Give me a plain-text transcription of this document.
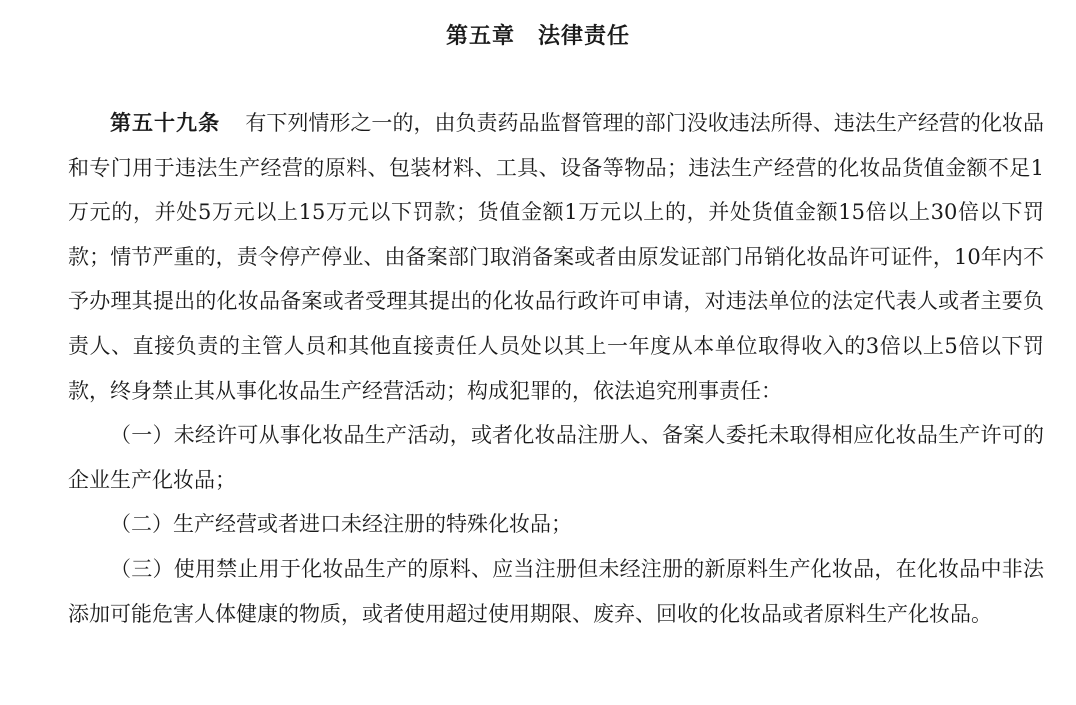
第五章　法律责任

第五十九条 有下列情形之一的，由负责药品监督管理的部门没收违法所得、违法生产经营的化妆品和专门用于违法生产经营的原料、包装材料、工具、设备等物品；违法生产经营的化妆品货值金额不足1万元的，并处5万元以上15万元以下罚款；货值金额1万元以上的，并处货值金额15倍以上30倍以下罚款；情节严重的，责令停产停业、由备案部门取消备案或者由原发证部门吊销化妆品许可证件，10年内不予办理其提出的化妆品备案或者受理其提出的化妆品行政许可申请，对违法单位的法定代表人或者主要负责人、直接负责的主管人员和其他直接责任人员处以其上一年度从本单位取得收入的3倍以上5倍以下罚款，终身禁止其从事化妆品生产经营活动；构成犯罪的，依法追究刑事责任：

（一）未经许可从事化妆品生产活动，或者化妆品注册人、备案人委托未取得相应化妆品生产许可的企业生产化妆品；

（二）生产经营或者进口未经注册的特殊化妆品；

（三）使用禁止用于化妆品生产的原料、应当注册但未经注册的新原料生产化妆品，在化妆品中非法添加可能危害人体健康的物质，或者使用超过使用期限、废弃、回收的化妆品或者原料生产化妆品。
